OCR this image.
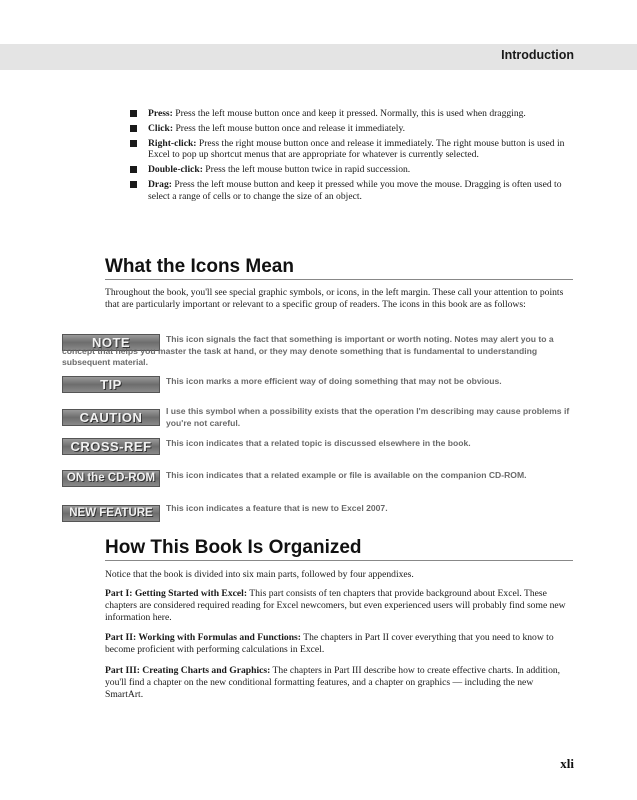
Introduction
Press: Press the left mouse button once and keep it pressed. Normally, this is used when dragging.
Click: Press the left mouse button once and release it immediately.
Right-click: Press the right mouse button once and release it immediately. The right mouse button is used in Excel to pop up shortcut menus that are appropriate for whatever is currently selected.
Double-click: Press the left mouse button twice in rapid succession.
Drag: Press the left mouse button and keep it pressed while you move the mouse. Dragging is often used to select a range of cells or to change the size of an object.
What the Icons Mean

Throughout the book, you'll see special graphic symbols, or icons, in the left margin. These call your attention to points that are particularly important or relevant to a specific group of readers. The icons in this book are as follows:

NOTE	This icon signals the fact that something is important or worth noting. Notes may alert you to a concept that helps you master the task at hand, or they may denote something that is fundamental to understanding subsequent material.

TIP	This icon marks a more efficient way of doing something that may not be obvious.

CAUTION	I use this symbol when a possibility exists that the operation I'm describing may cause problems if you're not careful.

CROSS-REF	This icon indicates that a related topic is discussed elsewhere in the book.

ON the CD-ROM	This icon indicates that a related example or file is available on the companion CD-ROM.

NEW FEATURE	This icon indicates a feature that is new to Excel 2007.

How This Book Is Organized

Notice that the book is divided into six main parts, followed by four appendixes.

Part I: Getting Started with Excel: This part consists of ten chapters that provide background about Excel. These chapters are considered required reading for Excel newcomers, but even experienced users will probably find some new information here.

Part II: Working with Formulas and Functions: The chapters in Part II cover everything that you need to know to become proficient with performing calculations in Excel.

Part III: Creating Charts and Graphics: The chapters in Part III describe how to create effective charts. In addition, you'll find a chapter on the new conditional formatting features, and a chapter on graphics — including the new SmartArt.

xli
